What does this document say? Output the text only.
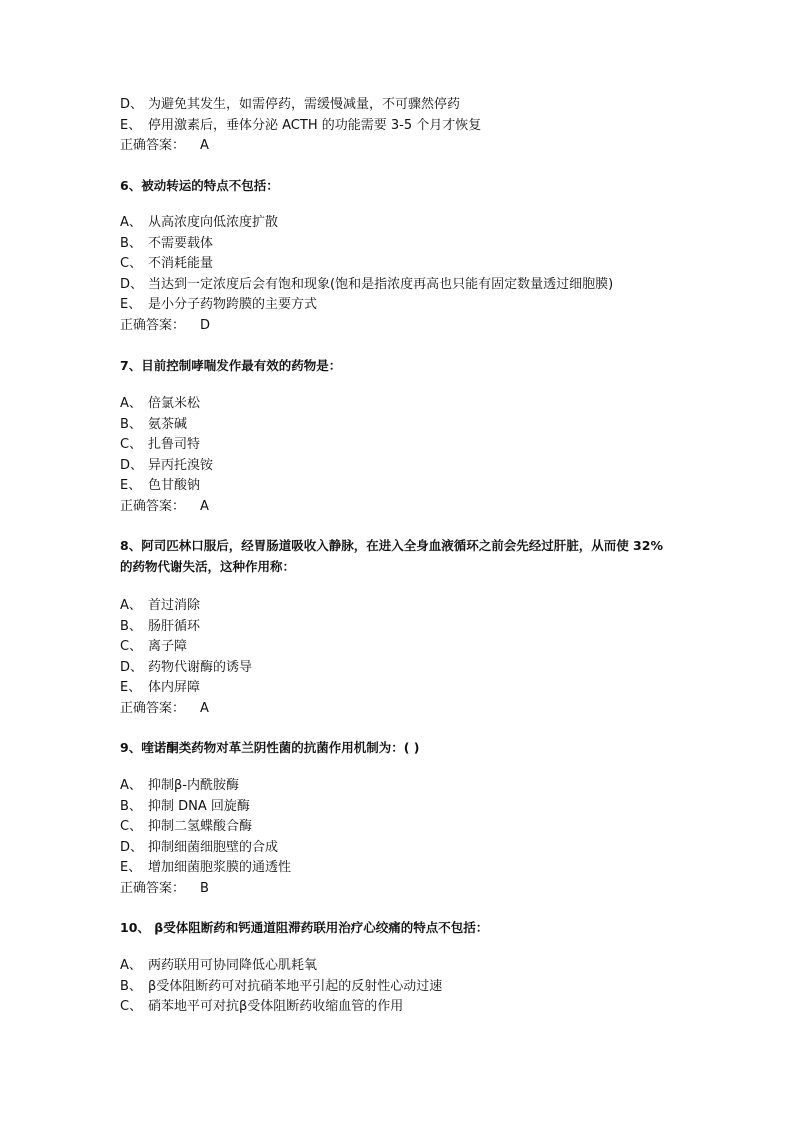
D、 为避免其发生，如需停药，需缓慢减量，不可骤然停药
E、 停用激素后，垂体分泌 ACTH 的功能需要 3-5 个月才恢复
正确答案：	A
6、被动转运的特点不包括：
A、 从高浓度向低浓度扩散
B、 不需要载体
C、 不消耗能量
D、 当达到一定浓度后会有饱和现象(饱和是指浓度再高也只能有固定数量透过细胞膜)
E、 是小分子药物跨膜的主要方式
正确答案：	D
7、目前控制哮喘发作最有效的药物是：
A、 倍氯米松
B、 氨茶碱
C、 扎鲁司特
D、 异丙托溴铵
E、 色甘酸钠
正确答案：	A
8、阿司匹林口服后，经胃肠道吸收入静脉，在进入全身血液循环之前会先经过肝脏，从而使 32%
的药物代谢失活，这种作用称：
A、 首过消除
B、 肠肝循环
C、 离子障
D、 药物代谢酶的诱导
E、 体内屏障
正确答案：	A
9、喹诺酮类药物对革兰阴性菌的抗菌作用机制为：( )
A、 抑制β-内酰胺酶
B、 抑制 DNA 回旋酶
C、 抑制二氢蝶酸合酶
D、 抑制细菌细胞壁的合成
E、 增加细菌胞浆膜的通透性
正确答案：	B
10、 β受体阻断药和钙通道阻滞药联用治疗心绞痛的特点不包括：
A、 两药联用可协同降低心肌耗氧
B、 β受体阻断药可对抗硝苯地平引起的反射性心动过速
C、 硝苯地平可对抗β受体阻断药收缩血管的作用
